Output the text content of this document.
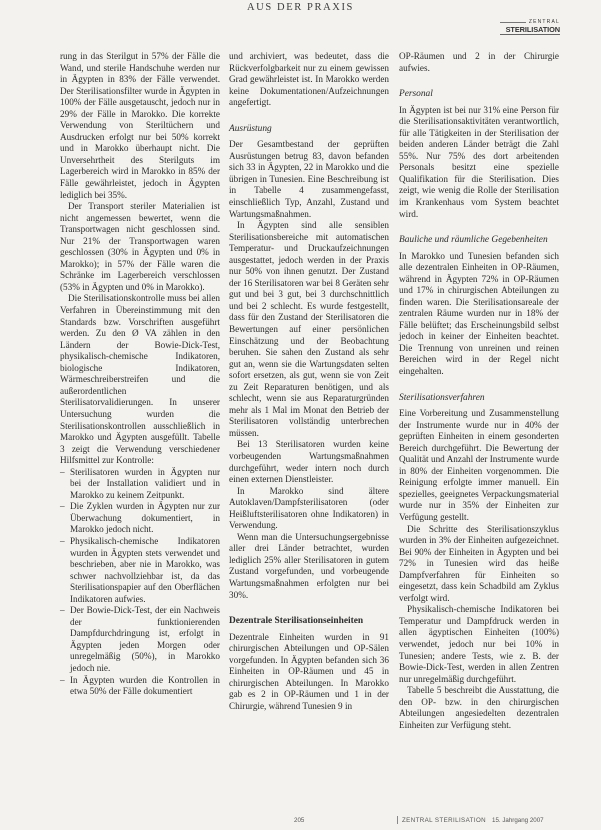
AUS DER PRAXIS
ZENTRAL
STERILISATION

rung in das Sterilgut in 57% der Fälle die Wand, und sterile Handschuhe werden nur in Ägypten in 83% der Fälle verwendet. Der Sterilisationsfilter wurde in Ägypten in 100% der Fälle ausgetauscht, jedoch nur in 29% der Fälle in Marokko. Die korrekte Verwendung von Steriltüchern und Ausdrucken erfolgt nur bei 50% korrekt und in Marokko überhaupt nicht. Die Unversehrtheit des Sterilguts im Lagerbereich wird in Marokko in 85% der Fälle gewährleistet, jedoch in Ägypten lediglich bei 35%.

Der Transport steriler Materialien ist nicht angemessen bewertet, wenn die Transportwagen nicht geschlossen sind. Nur 21% der Transportwagen waren geschlossen (30% in Ägypten und 0% in Marokko); in 57% der Fälle waren die Schränke im Lagerbereich verschlossen (53% in Ägypten und 0% in Marokko).

Die Sterilisationskontrolle muss bei allen Verfahren in Übereinstimmung mit den Standards bzw. Vorschriften ausgeführt werden. Zu den Ø VA zählen in den Ländern der Bowie-Dick-Test, physikalisch-chemische Indikatoren, biologische Indikatoren, Wärmeschreiberstreifen und die außerordentlichen Sterilisatorvalidierungen. In unserer Untersuchung wurden die Sterilisationskontrollen ausschließlich in Marokko und Ägypten ausgefüllt. Tabelle 3 zeigt die Verwendung verschiedener Hilfsmittel zur Kontrolle:

– Sterilisatoren wurden in Ägypten nur bei der Installation validiert und in Marokko zu keinem Zeitpunkt.
– Die Zyklen wurden in Ägypten nur zur Überwachung dokumentiert, in Marokko jedoch nicht.
– Physikalisch-chemische Indikatoren wurden in Ägypten stets verwendet und beschrieben, aber nie in Marokko, was schwer nachvollziehbar ist, da das Sterilisationspapier auf den Oberflächen Indikatoren aufwies.
– Der Bowie-Dick-Test, der ein Nachweis der funktionierenden Dampfdurchdringung ist, erfolgt in Ägypten jeden Morgen oder unregelmäßig (50%), in Marokko jedoch nie.
– In Ägypten wurden die Kontrollen in etwa 50% der Fälle dokumentiert

und archiviert, was bedeutet, dass die Rückverfolgbarkeit nur zu einem gewissen Grad gewährleistet ist. In Marokko werden keine Dokumentationen/Aufzeichnungen angefertigt.

Ausrüstung

Der Gesamtbestand der geprüften Ausrüstungen betrug 83, davon befanden sich 33 in Ägypten, 22 in Marokko und die übrigen in Tunesien. Eine Beschreibung ist in Tabelle 4 zusammengefasst, einschließlich Typ, Anzahl, Zustand und Wartungsmaßnahmen.

In Ägypten sind alle sensiblen Sterilisationsbereiche mit automatischen Temperatur- und Druckaufzeichnungen ausgestattet, jedoch werden in der Praxis nur 50% von ihnen genutzt. Der Zustand der 16 Sterilisatoren war bei 8 Geräten sehr gut und bei 3 gut, bei 3 durchschnittlich und bei 2 schlecht. Es wurde festgestellt, dass für den Zustand der Sterilisatoren die Bewertungen auf einer persönlichen Einschätzung und der Beobachtung beruhen. Sie sahen den Zustand als sehr gut an, wenn sie die Wartungsdaten selten sofort ersetzen, als gut, wenn sie von Zeit zu Zeit Reparaturen benötigen, und als schlecht, wenn sie aus Reparaturgründen mehr als 1 Mal im Monat den Betrieb der Sterilisatoren vollständig unterbrechen müssen.

Bei 13 Sterilisatoren wurden keine vorbeugenden Wartungsmaßnahmen durchgeführt, weder intern noch durch einen externen Dienstleister.

In Marokko sind ältere Autoklaven/Dampfsterilisatoren (oder Heißluftsterilisatoren ohne Indikatoren) in Verwendung.

Wenn man die Untersuchungsergebnisse aller drei Länder betrachtet, wurden lediglich 25% aller Sterilisatoren in gutem Zustand vorgefunden, und vorbeugende Wartungsmaßnahmen erfolgten nur bei 30%.

Dezentrale Sterilisationseinheiten

Dezentrale Einheiten wurden in 91 chirurgischen Abteilungen und OP-Sälen vorgefunden. In Ägypten befanden sich 36 Einheiten in OP-Räumen und 45 in chirurgischen Abteilungen. In Marokko gab es 2 in OP-Räumen und 1 in der Chirurgie, während Tunesien 9 in

OP-Räumen und 2 in der Chirurgie aufwies.

Personal

In Ägypten ist bei nur 31% eine Person für die Sterilisationsaktivitäten verantwortlich, für alle Tätigkeiten in der Sterilisation der beiden anderen Länder beträgt die Zahl 55%. Nur 75% des dort arbeitenden Personals besitzt eine spezielle Qualifikation für die Sterilisation. Dies zeigt, wie wenig die Rolle der Sterilisation im Krankenhaus vom System beachtet wird.

Bauliche und räumliche Gegebenheiten

In Marokko und Tunesien befanden sich alle dezentralen Einheiten in OP-Räumen, während in Ägypten 72% in OP-Räumen und 17% in chirurgischen Abteilungen zu finden waren. Die Sterilisationsareale der zentralen Räume wurden nur in 18% der Fälle belüftet; das Erscheinungsbild selbst jedoch in keiner der Einheiten beachtet. Die Trennung von unreinen und reinen Bereichen wird in der Regel nicht eingehalten.

Sterilisationsverfahren

Eine Vorbereitung und Zusammenstellung der Instrumente wurde nur in 40% der geprüften Einheiten in einem gesonderten Bereich durchgeführt. Die Bewertung der Qualität und Anzahl der Instrumente wurde in 80% der Einheiten vorgenommen. Die Reinigung erfolgte immer manuell. Ein spezielles, geeignetes Verpackungsmaterial wurde nur in 35% der Einheiten zur Verfügung gestellt.

Die Schritte des Sterilisationszyklus wurden in 3% der Einheiten aufgezeichnet. Bei 90% der Einheiten in Ägypten und bei 72% in Tunesien wird das heiße Dampfverfahren für Einheiten so eingesetzt, dass kein Schadbild am Zyklus verfolgt wird.

Physikalisch-chemische Indikatoren bei Temperatur und Dampfdruck werden in allen ägyptischen Einheiten (100%) verwendet, jedoch nur bei 10% in Tunesien; andere Tests, wie z. B. der Bowie-Dick-Test, werden in allen Zentren nur unregelmäßig durchgeführt.

Tabelle 5 beschreibt die Ausstattung, die den OP- bzw. in den chirurgischen Abteilungen angesiedelten dezentralen Einheiten zur Verfügung steht.

205	ZENTRAL STERILISATION 15. Jahrgang 2007
